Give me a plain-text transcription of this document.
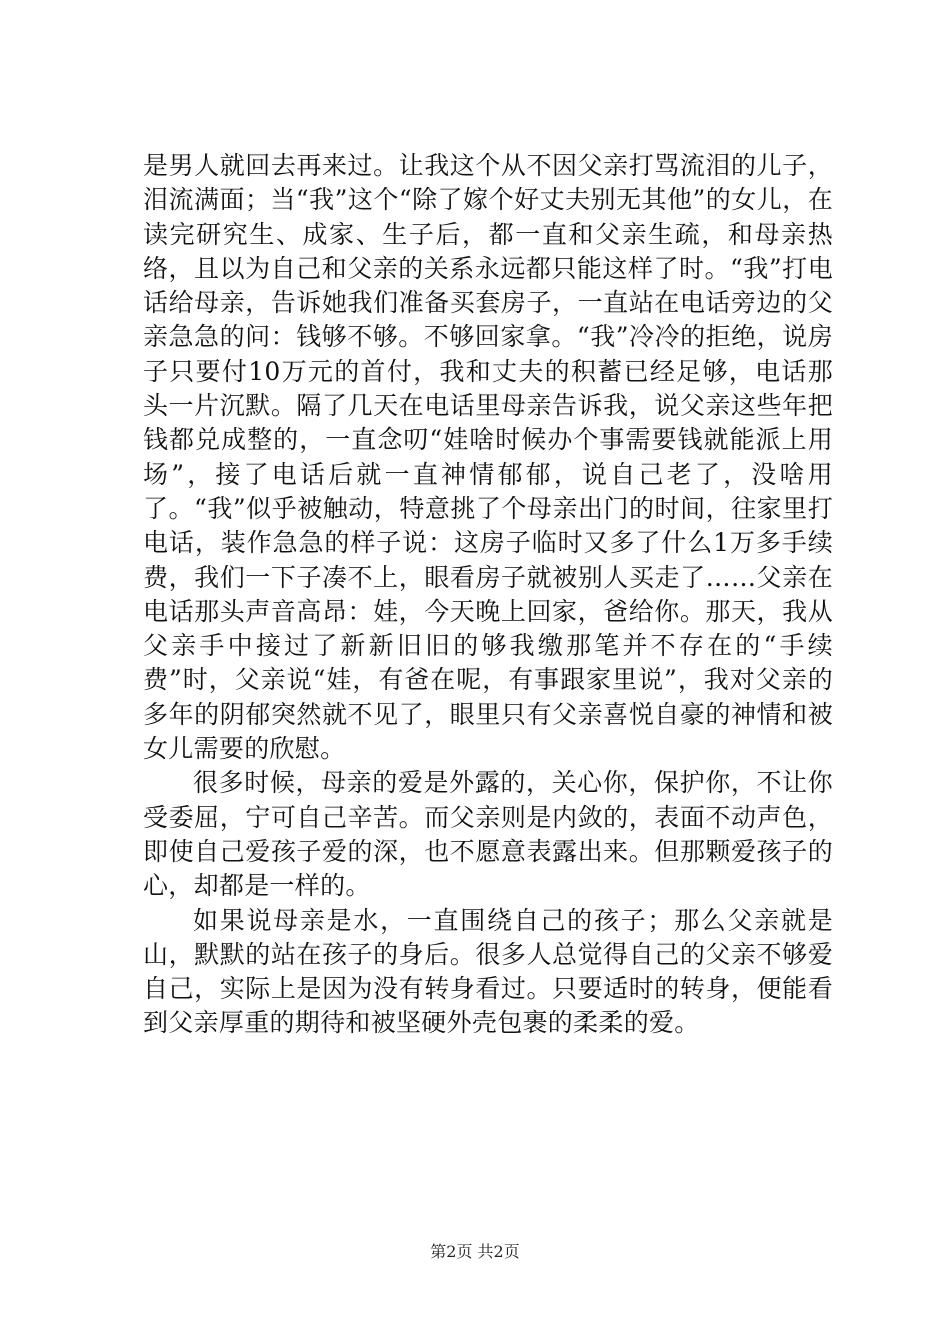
是男人就回去再来过。让我这个从不因父亲打骂流泪的儿子，泪流满面；当“我”这个“除了嫁个好丈夫别无其他”的女儿，在读完研究生、成家、生子后，都一直和父亲生疏，和母亲热络，且以为自己和父亲的关系永远都只能这样了时。“我”打电话给母亲，告诉她我们准备买套房子，一直站在电话旁边的父亲急急的问：钱够不够。不够回家拿。“我”冷冷的拒绝，说房子只要付10万元的首付，我和丈夫的积蓄已经足够，电话那头一片沉默。隔了几天在电话里母亲告诉我，说父亲这些年把钱都兑成整的，一直念叨“娃啥时候办个事需要钱就能派上用场”，接了电话后就一直神情郁郁，说自己老了，没啥用了。“我”似乎被触动，特意挑了个母亲出门的时间，往家里打电话，装作急急的样子说：这房子临时又多了什么1万多手续费，我们一下子凑不上，眼看房子就被别人买走了……父亲在电话那头声音高昂：娃，今天晚上回家，爸给你。那天，我从父亲手中接过了新新旧旧的够我缴那笔并不存在的“手续费”时，父亲说“娃，有爸在呢，有事跟家里说”，我对父亲的多年的阴郁突然就不见了，眼里只有父亲喜悦自豪的神情和被女儿需要的欣慰。

很多时候，母亲的爱是外露的，关心你，保护你，不让你受委屈，宁可自己辛苦。而父亲则是内敛的，表面不动声色，即使自己爱孩子爱的深，也不愿意表露出来。但那颗爱孩子的心，却都是一样的。

如果说母亲是水，一直围绕自己的孩子；那么父亲就是山，默默的站在孩子的身后。很多人总觉得自己的父亲不够爱自己，实际上是因为没有转身看过。只要适时的转身，便能看到父亲厚重的期待和被坚硬外壳包裹的柔柔的爱。

第2页 共2页
